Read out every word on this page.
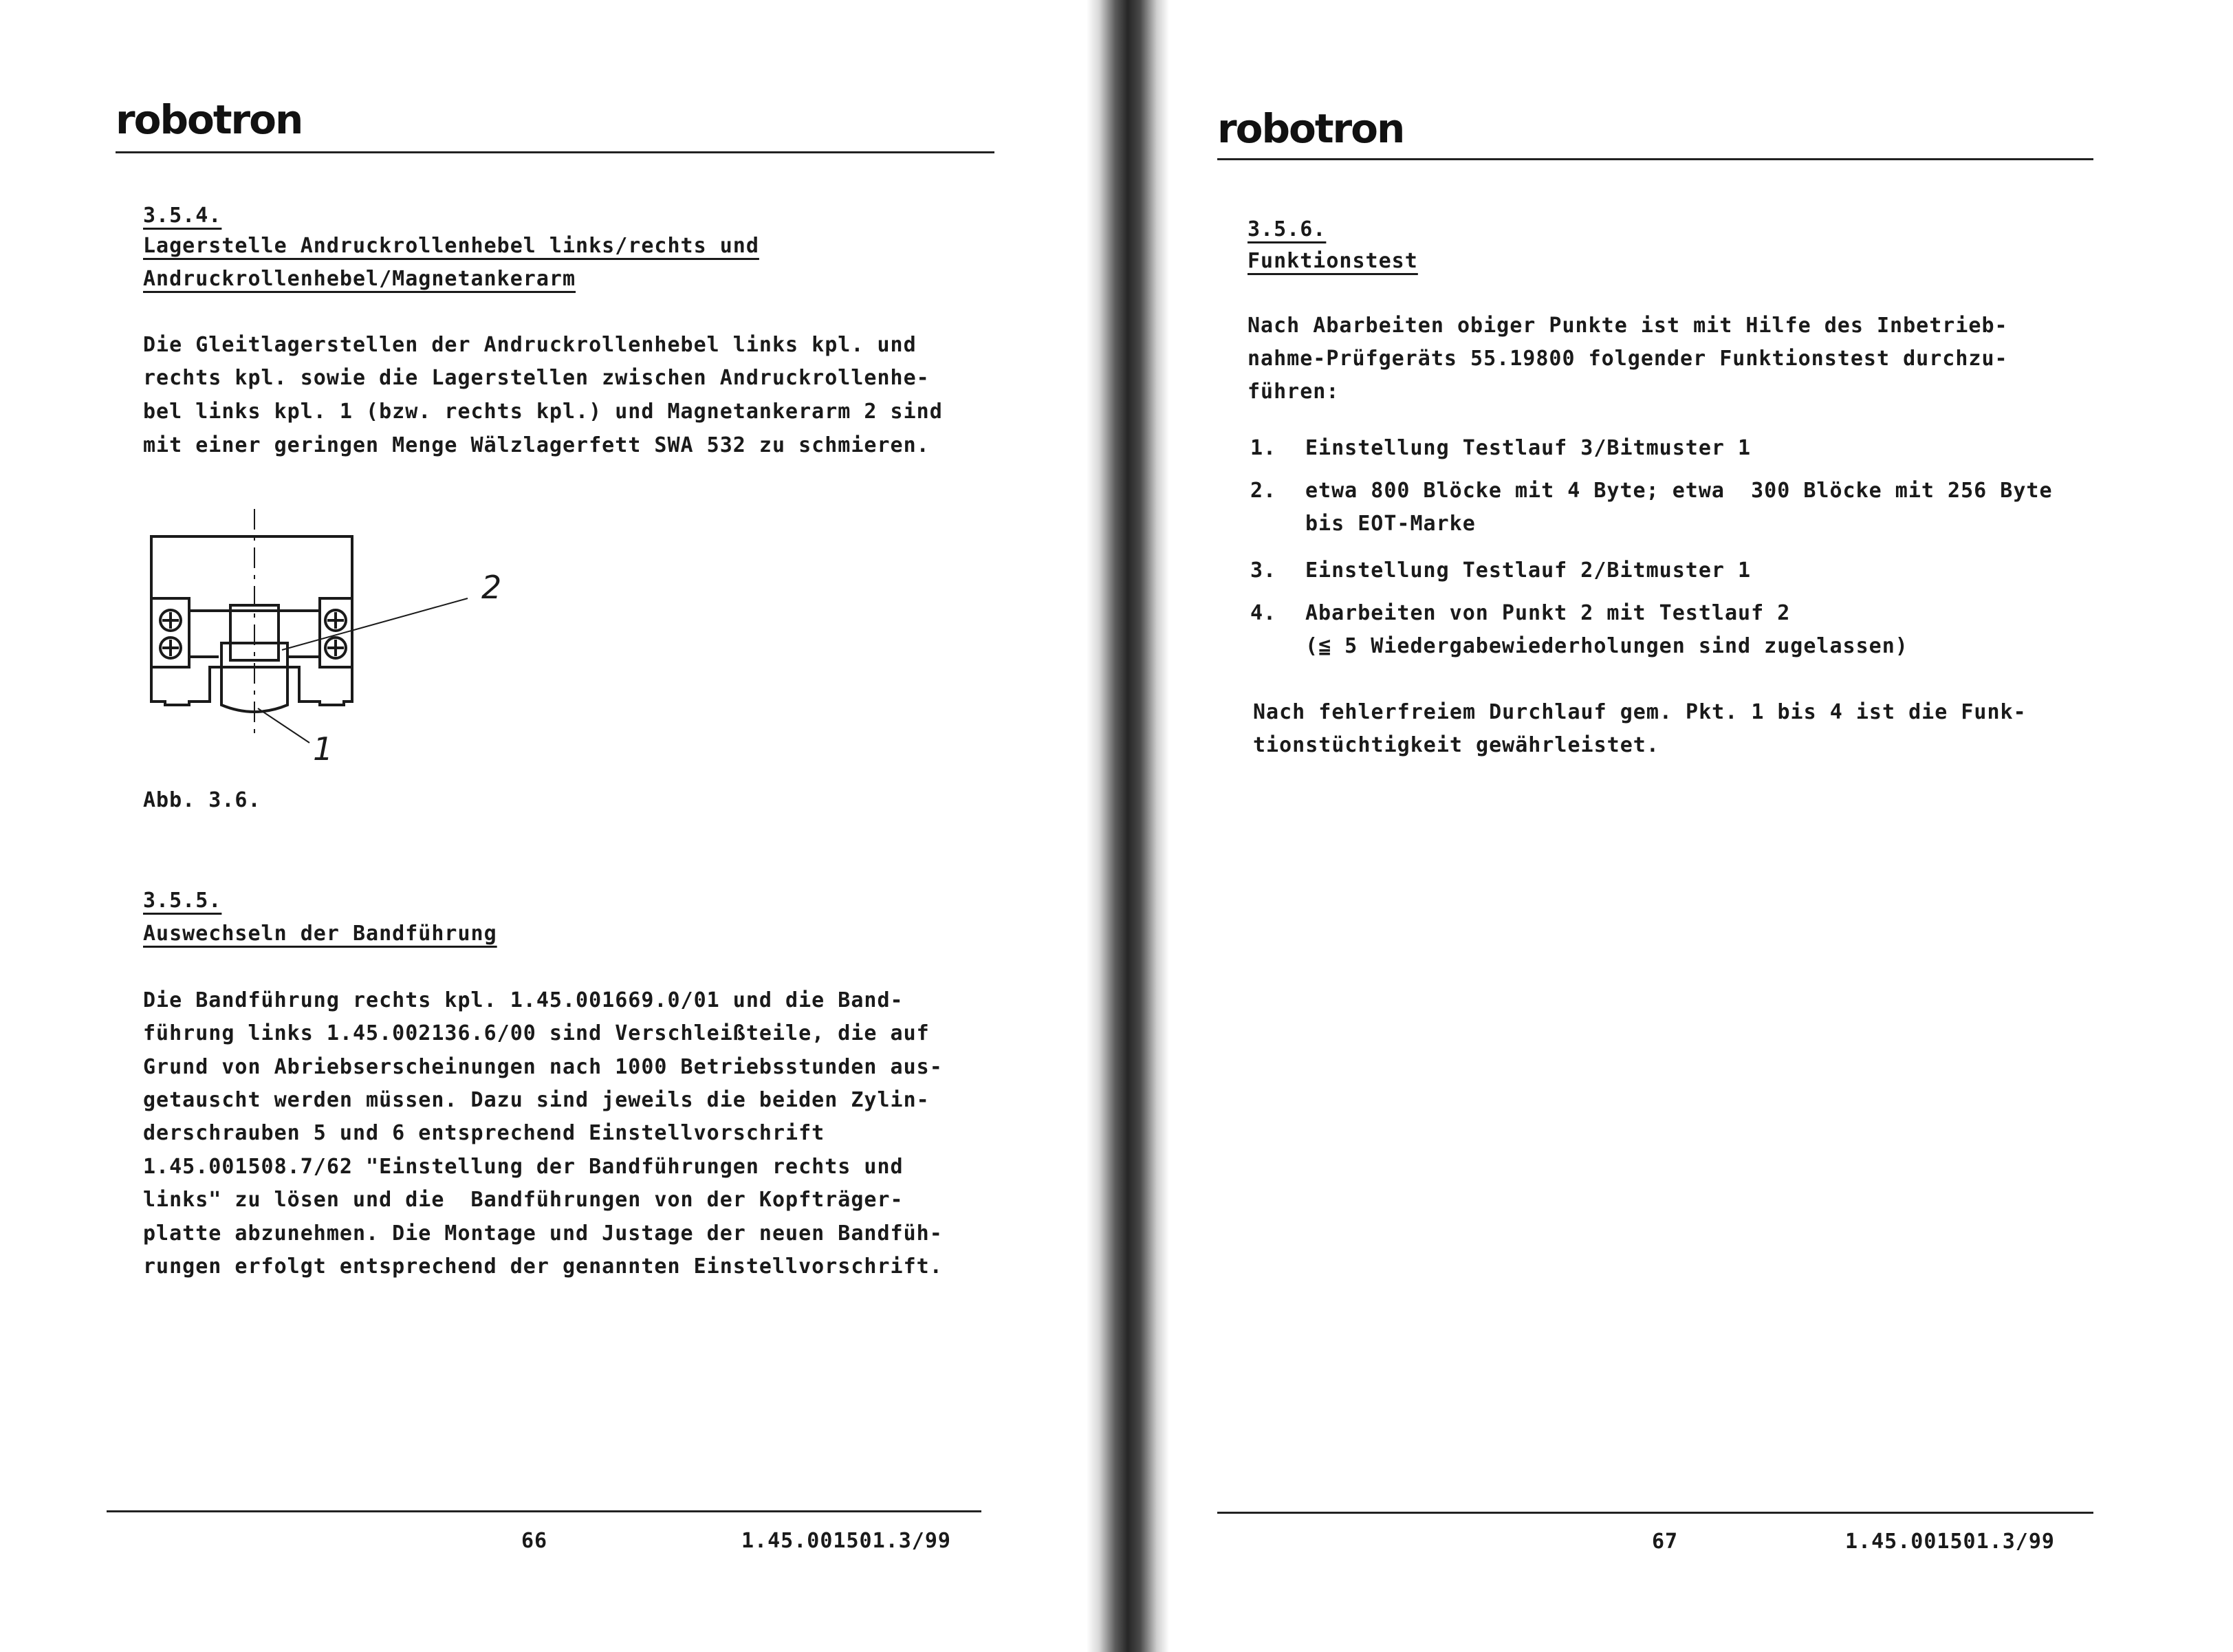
robotron
3.5.4.
Lagerstelle Andruckrollenhebel links/rechts und
Andruckrollenhebel/Magnetankerarm
Die Gleitlagerstellen der Andruckrollenhebel links kpl. und
rechts kpl. sowie die Lagerstellen zwischen Andruckrollenhe-
bel links kpl. 1 (bzw. rechts kpl.) und Magnetankerarm 2 sind
mit einer geringen Menge Wälzlagerfett SWA 532 zu schmieren.
2
1
Abb. 3.6.
3.5.5.
Auswechseln der Bandführung
Die Bandführung rechts kpl. 1.45.001669.0/01 und die Band-
führung links 1.45.002136.6/00 sind Verschleißteile, die auf
Grund von Abriebserscheinungen nach 1000 Betriebsstunden aus-
getauscht werden müssen. Dazu sind jeweils die beiden Zylin-
derschrauben 5 und 6 entsprechend Einstellvorschrift
1.45.001508.7/62 "Einstellung der Bandführungen rechts und
links" zu lösen und die  Bandführungen von der Kopfträger-
platte abzunehmen. Die Montage und Justage der neuen Bandfüh-
rungen erfolgt entsprechend der genannten Einstellvorschrift.
66	1.45.001501.3/99
robotron
3.5.6.
Funktionstest
Nach Abarbeiten obiger Punkte ist mit Hilfe des Inbetrieb-
nahme-Prüfgeräts 55.19800 folgender Funktionstest durchzu-
führen:
1. Einstellung Testlauf 3/Bitmuster 1
2. etwa 800 Blöcke mit 4 Byte; etwa  300 Blöcke mit 256 Byte
bis EOT-Marke
3. Einstellung Testlauf 2/Bitmuster 1
4. Abarbeiten von Punkt 2 mit Testlauf 2
(≦ 5 Wiedergabewiederholungen sind zugelassen)
Nach fehlerfreiem Durchlauf gem. Pkt. 1 bis 4 ist die Funk-
tionstüchtigkeit gewährleistet.
67	1.45.001501.3/99
